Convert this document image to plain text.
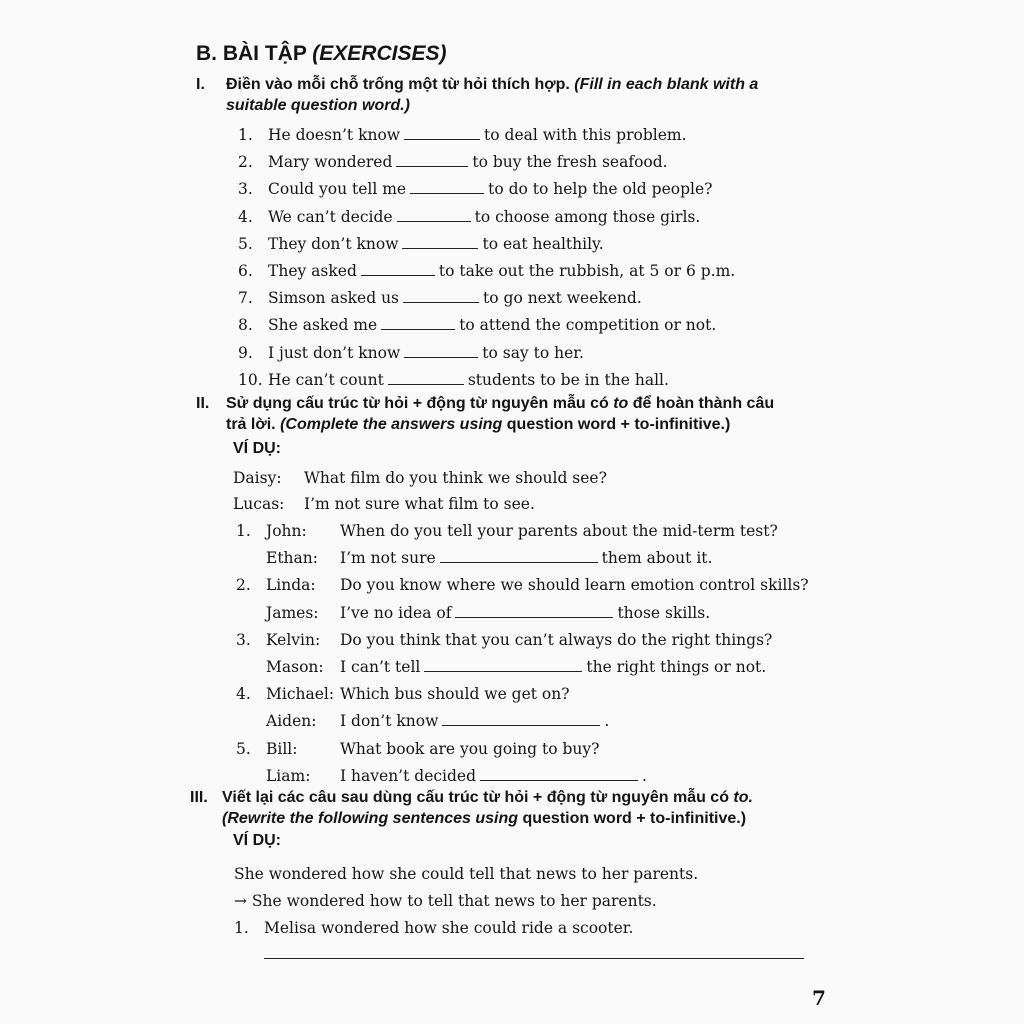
B. BÀI TẬP (EXERCISES)
I. Điền vào mỗi chỗ trống một từ hỏi thích hợp. (Fill in each blank with a
suitable question word.)
1. He doesn’t know	to deal with this problem.
2. Mary wondered	to buy the fresh seafood.
3. Could you tell me	to do to help the old people?
4. We can’t decide	to choose among those girls.
5. They don’t know	to eat healthily.
6. They asked	to take out the rubbish, at 5 or 6 p.m.
7. Simson asked us	to go next weekend.
8. She asked me	to attend the competition or not.
9. I just don’t know	to say to her.
10. He can’t count	students to be in the hall.
II. Sử dụng cấu trúc từ hỏi + động từ nguyên mẫu có to để hoàn thành câu
trả lời. (Complete the answers using question word + to-infinitive.)
VÍ DỤ:
Daisy: What film do you think we should see?
Lucas: I’m not sure what film to see.
1. John: When do you tell your parents about the mid-term test?
Ethan: I’m not sure	them about it.
2. Linda: Do you know where we should learn emotion control skills?
James: I’ve no idea of	those skills.
3. Kelvin: Do you think that you can’t always do the right things?
Mason: I can’t tell	the right things or not.
4. Michael: Which bus should we get on?
Aiden: I don’t know	.
5. Bill:	What book are you going to buy?
Liam: I haven’t decided	.
III. Viết lại các câu sau dùng cấu trúc từ hỏi + động từ nguyên mẫu có to.
(Rewrite the following sentences using question word + to-infinitive.)
VÍ DỤ:
She wondered how she could tell that news to her parents.
→ She wondered how to tell that news to her parents.
1. Melisa wondered how she could ride a scooter.
7
